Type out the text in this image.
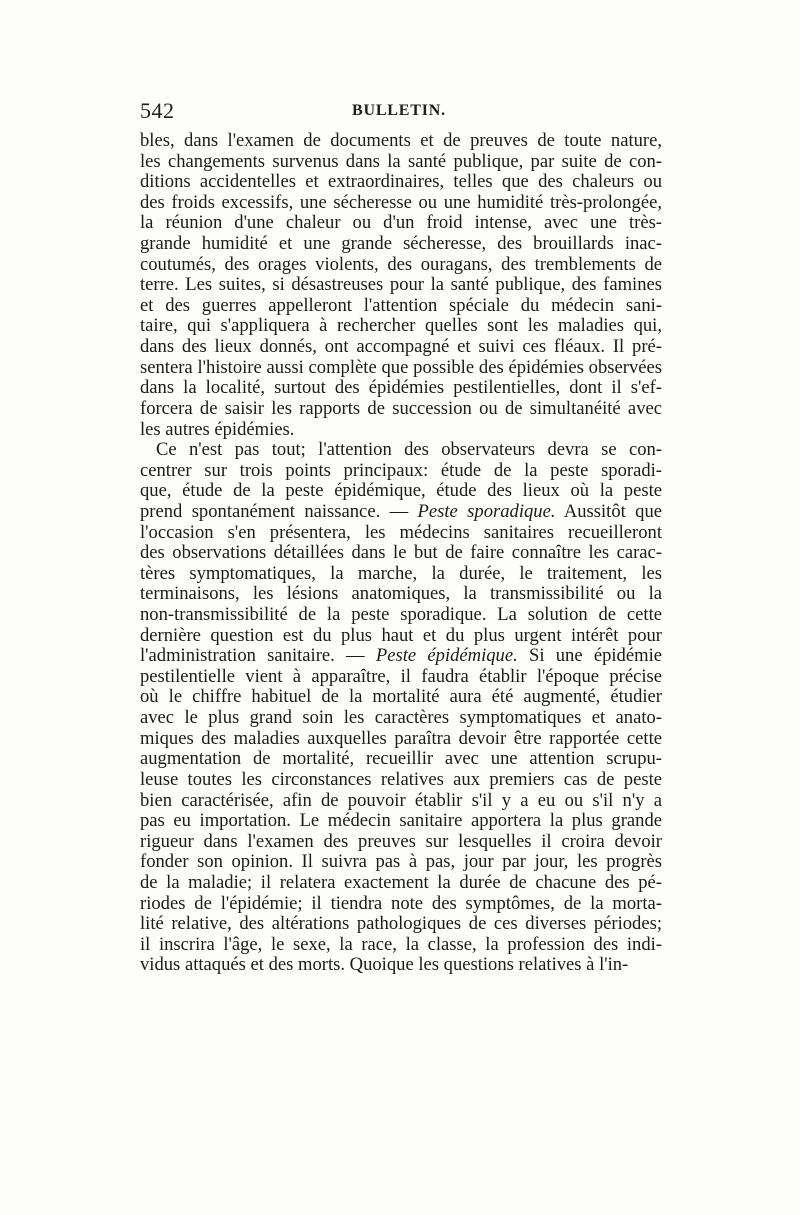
542	BULLETIN.
bles, dans l'examen de documents et de preuves de toute nature,
les changements survenus dans la santé publique, par suite de con-
ditions accidentelles et extraordinaires, telles que des chaleurs ou
des froids excessifs, une sécheresse ou une humidité très-prolongée,
la réunion d'une chaleur ou d'un froid intense, avec une très-
grande humidité et une grande sécheresse, des brouillards inac-
coutumés, des orages violents, des ouragans, des tremblements de
terre. Les suites, si désastreuses pour la santé publique, des famines
et des guerres appelleront l'attention spéciale du médecin sani-
taire, qui s'appliquera à rechercher quelles sont les maladies qui,
dans des lieux donnés, ont accompagné et suivi ces fléaux. Il pré-
sentera l'histoire aussi complète que possible des épidémies observées
dans la localité, surtout des épidémies pestilentielles, dont il s'ef-
forcera de saisir les rapports de succession ou de simultanéité avec
les autres épidémies.
Ce n'est pas tout; l'attention des observateurs devra se con-
centrer sur trois points principaux: étude de la peste sporadi-
que, étude de la peste épidémique, étude des lieux où la peste
prend spontanément naissance. — Peste sporadique. Aussitôt que
l'occasion s'en présentera, les médecins sanitaires recueilleront
des observations détaillées dans le but de faire connaître les carac-
tères symptomatiques, la marche, la durée, le traitement, les
terminaisons, les lésions anatomiques, la transmissibilité ou la
non-transmissibilité de la peste sporadique. La solution de cette
dernière question est du plus haut et du plus urgent intérêt pour
l'administration sanitaire. — Peste épidémique. Si une épidémie
pestilentielle vient à apparaître, il faudra établir l'époque précise
où le chiffre habituel de la mortalité aura été augmenté, étudier
avec le plus grand soin les caractères symptomatiques et anato-
miques des maladies auxquelles paraîtra devoir être rapportée cette
augmentation de mortalité, recueillir avec une attention scrupu-
leuse toutes les circonstances relatives aux premiers cas de peste
bien caractérisée, afin de pouvoir établir s'il y a eu ou s'il n'y a
pas eu importation. Le médecin sanitaire apportera la plus grande
rigueur dans l'examen des preuves sur lesquelles il croira devoir
fonder son opinion. Il suivra pas à pas, jour par jour, les progrès
de la maladie; il relatera exactement la durée de chacune des pé-
riodes de l'épidémie; il tiendra note des symptômes, de la morta-
lité relative, des altérations pathologiques de ces diverses périodes;
il inscrira l'âge, le sexe, la race, la classe, la profession des indi-
vidus attaqués et des morts. Quoique les questions relatives à l'in-
